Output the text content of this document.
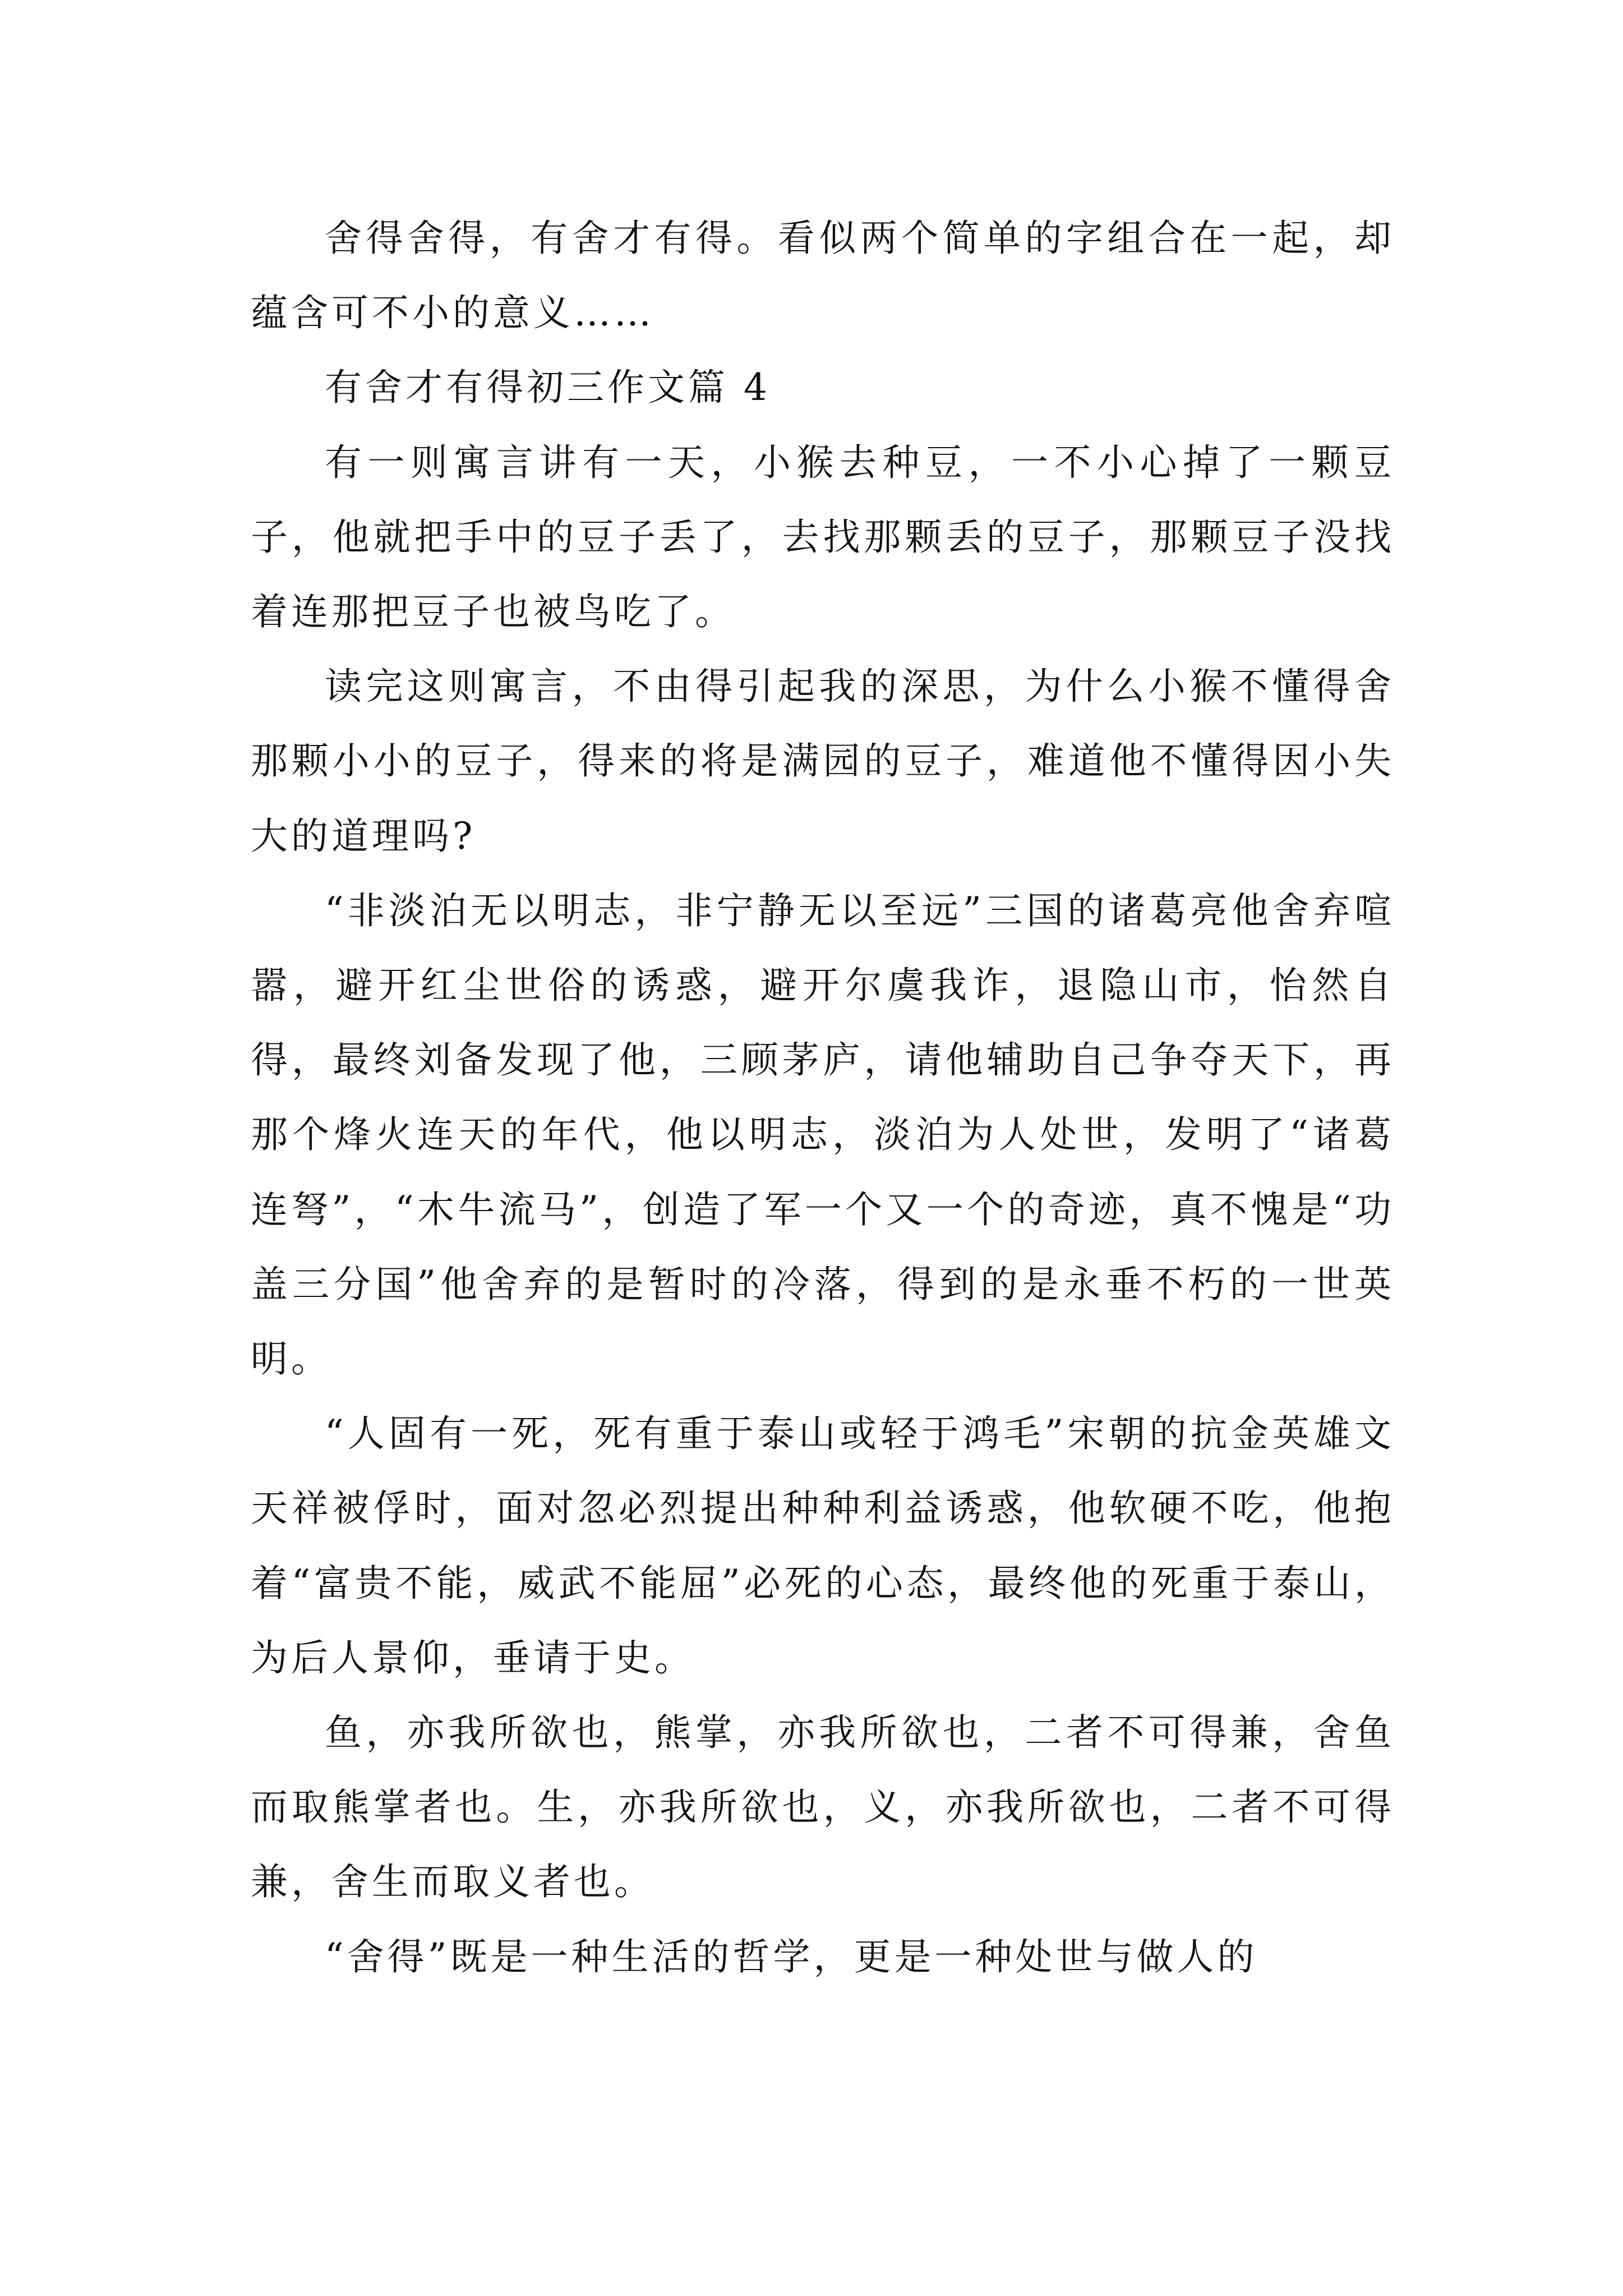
舍得舍得，有舍才有得。看似两个简单的字组合在一起，却蕴含可不小的意义……

有舍才有得初三作文篇 4

有一则寓言讲有一天，小猴去种豆，一不小心掉了一颗豆子，他就把手中的豆子丢了，去找那颗丢的豆子，那颗豆子没找着连那把豆子也被鸟吃了。

读完这则寓言，不由得引起我的深思，为什么小猴不懂得舍那颗小小的豆子，得来的将是满园的豆子，难道他不懂得因小失大的道理吗?

“非淡泊无以明志，非宁静无以至远”三国的诸葛亮他舍弃喧嚣，避开红尘世俗的诱惑，避开尔虞我诈，退隐山市，怡然自得，最终刘备发现了他，三顾茅庐，请他辅助自己争夺天下，再那个烽火连天的年代，他以明志，淡泊为人处世，发明了“诸葛连弩”，“木牛流马”，创造了军一个又一个的奇迹，真不愧是“功盖三分国”他舍弃的是暂时的冷落，得到的是永垂不朽的一世英明。

“人固有一死，死有重于泰山或轻于鸿毛”宋朝的抗金英雄文天祥被俘时，面对忽必烈提出种种利益诱惑，他软硬不吃，他抱着“富贵不能，威武不能屈”必死的心态，最终他的死重于泰山，为后人景仰，垂请于史。

鱼，亦我所欲也，熊掌，亦我所欲也，二者不可得兼，舍鱼而取熊掌者也。生，亦我所欲也，义，亦我所欲也，二者不可得兼，舍生而取义者也。

“舍得”既是一种生活的哲学，更是一种处世与做人的
